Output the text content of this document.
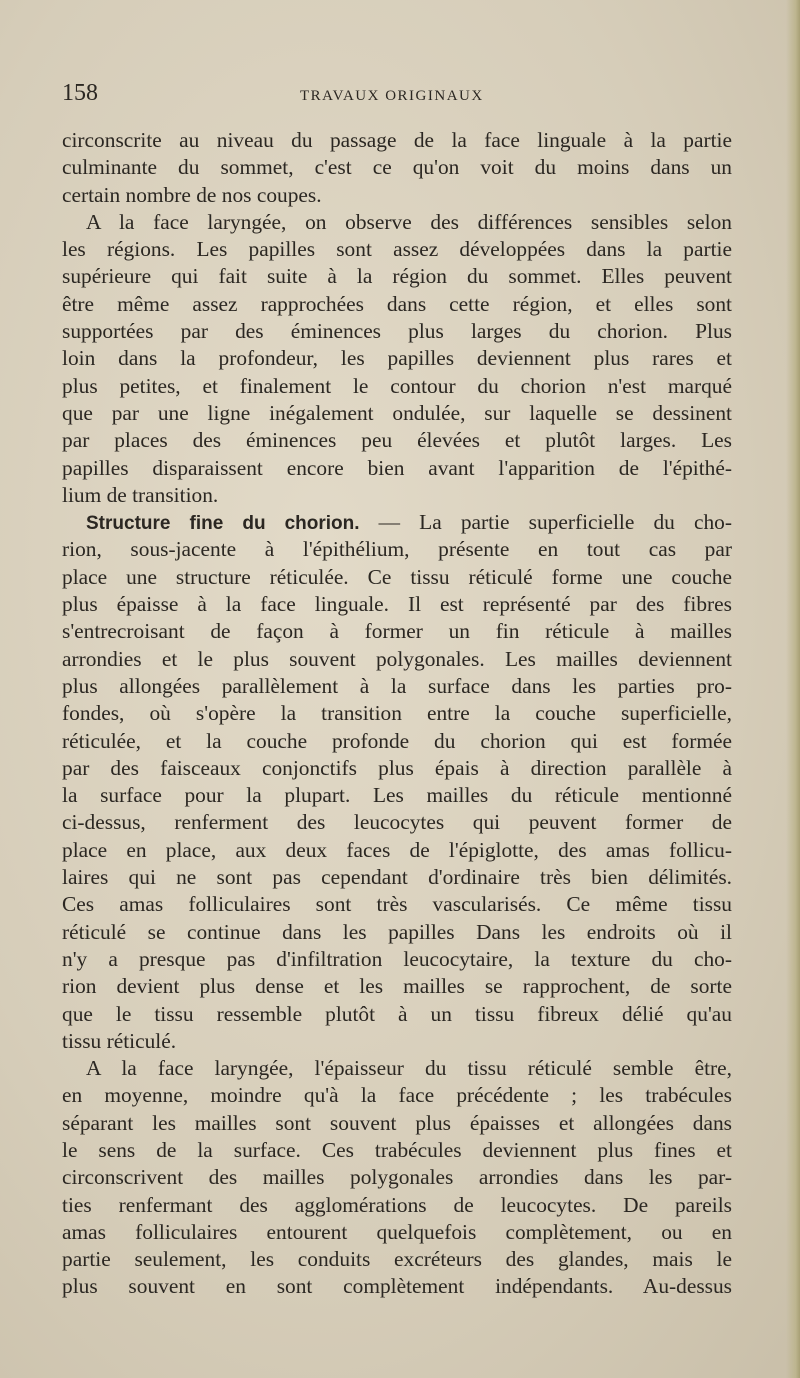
158	TRAVAUX ORIGINAUX
circonscrite au niveau du passage de la face linguale à la partie
culminante du sommet, c'est ce qu'on voit du moins dans un
certain nombre de nos coupes.
A la face laryngée, on observe des différences sensibles selon
les régions. Les papilles sont assez développées dans la partie
supérieure qui fait suite à la région du sommet. Elles peuvent
être même assez rapprochées dans cette région, et elles sont
supportées par des éminences plus larges du chorion. Plus
loin dans la profondeur, les papilles deviennent plus rares et
plus petites, et finalement le contour du chorion n'est marqué
que par une ligne inégalement ondulée, sur laquelle se dessinent
par places des éminences peu élevées et plutôt larges. Les
papilles disparaissent encore bien avant l'apparition de l'épithé-
lium de transition.
Structure fine du chorion. — La partie superficielle du cho-
rion, sous-jacente à l'épithélium, présente en tout cas par
place une structure réticulée. Ce tissu réticulé forme une couche
plus épaisse à la face linguale. Il est représenté par des fibres
s'entrecroisant de façon à former un fin réticule à mailles
arrondies et le plus souvent polygonales. Les mailles deviennent
plus allongées parallèlement à la surface dans les parties pro-
fondes, où s'opère la transition entre la couche superficielle,
réticulée, et la couche profonde du chorion qui est formée
par des faisceaux conjonctifs plus épais à direction parallèle à
la surface pour la plupart. Les mailles du réticule mentionné
ci-dessus, renferment des leucocytes qui peuvent former de
place en place, aux deux faces de l'épiglotte, des amas follicu-
laires qui ne sont pas cependant d'ordinaire très bien délimités.
Ces amas folliculaires sont très vascularisés. Ce même tissu
réticulé se continue dans les papilles Dans les endroits où il
n'y a presque pas d'infiltration leucocytaire, la texture du cho-
rion devient plus dense et les mailles se rapprochent, de sorte
que le tissu ressemble plutôt à un tissu fibreux délié qu'au
tissu réticulé.
A la face laryngée, l'épaisseur du tissu réticulé semble être,
en moyenne, moindre qu'à la face précédente ; les trabécules
séparant les mailles sont souvent plus épaisses et allongées dans
le sens de la surface. Ces trabécules deviennent plus fines et
circonscrivent des mailles polygonales arrondies dans les par-
ties renfermant des agglomérations de leucocytes. De pareils
amas folliculaires entourent quelquefois complètement, ou en
partie seulement, les conduits excréteurs des glandes, mais le
plus souvent en sont complètement indépendants. Au-dessus
